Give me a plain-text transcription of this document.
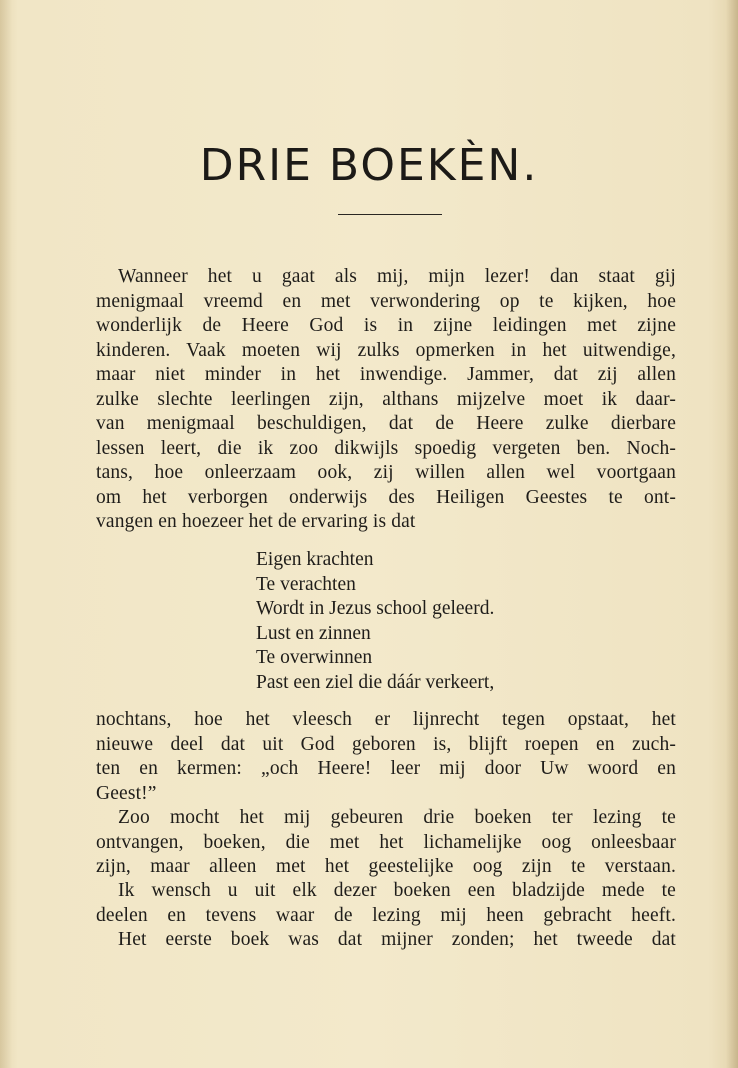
DRIE BOEKÈN.
Wanneer het u gaat als mij, mijn lezer! dan staat gij
menigmaal vreemd en met verwondering op te kijken, hoe
wonderlijk de Heere God is in zijne leidingen met zijne
kinderen. Vaak moeten wij zulks opmerken in het uitwendige,
maar niet minder in het inwendige. Jammer, dat zij allen
zulke slechte leerlingen zijn, althans mijzelve moet ik daar-
van menigmaal beschuldigen, dat de Heere zulke dierbare
lessen leert, die ik zoo dikwijls spoedig vergeten ben. Noch-
tans, hoe onleerzaam ook, zij willen allen wel voortgaan
om het verborgen onderwijs des Heiligen Geestes te ont-
vangen en hoezeer het de ervaring is dat
Eigen krachten
Te verachten
Wordt in Jezus school geleerd.
Lust en zinnen
Te overwinnen
Past een ziel die dáár verkeert,
nochtans, hoe het vleesch er lijnrecht tegen opstaat, het
nieuwe deel dat uit God geboren is, blijft roepen en zuch-
ten en kermen: „och Heere! leer mij door Uw woord en
Geest!”
Zoo mocht het mij gebeuren drie boeken ter lezing te
ontvangen, boeken, die met het lichamelijke oog onleesbaar
zijn, maar alleen met het geestelijke oog zijn te verstaan.
Ik wensch u uit elk dezer boeken een bladzijde mede te
deelen en tevens waar de lezing mij heen gebracht heeft.
Het eerste boek was dat mijner zonden; het tweede dat
